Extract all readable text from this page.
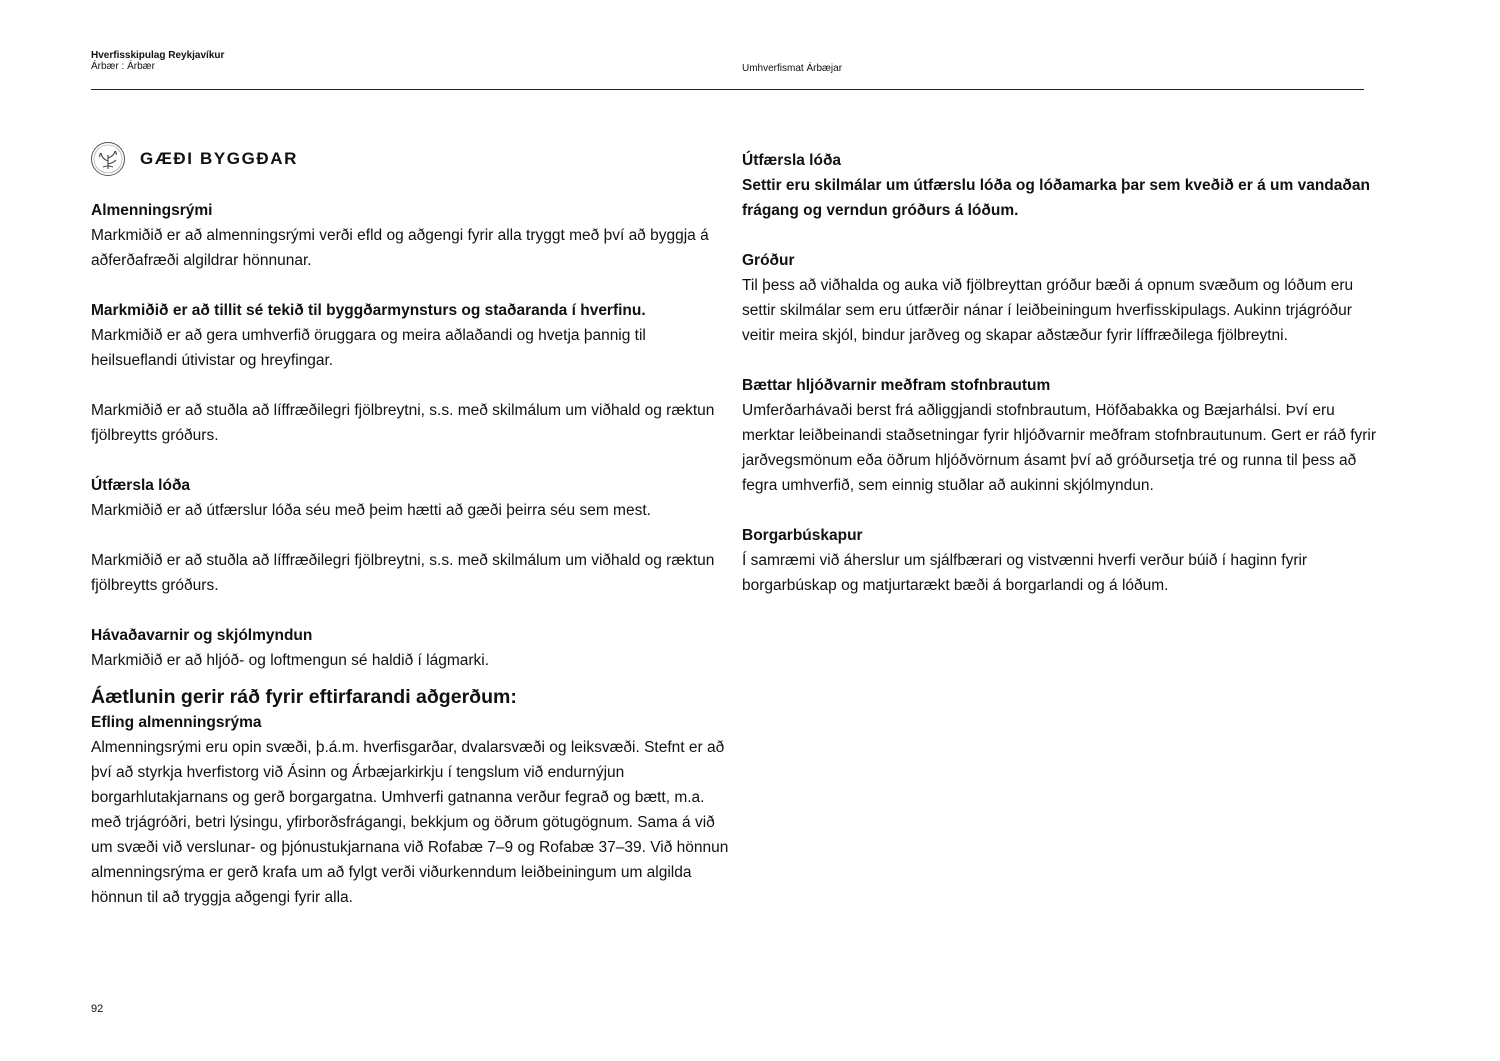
Hverfisskipulag Reykjavíkur
Árbær : Árbær	Umhverfismat Árbæjar
GÆÐI BYGGÐAR
Almenningsrými

Markmiðið er að almenningsrými verði efld og aðgengi fyrir alla tryggt með því að byggja á aðferðafræði algildrar hönnunar.

Markmiðið er að tillit sé tekið til byggðarmynsturs og staðaranda í hverfinu.

Markmiðið er að gera umhverfið öruggara og meira aðlaðandi og hvetja þannig til heilsueflandi útivistar og hreyfingar.

Markmiðið er að stuðla að líffræðilegri fjölbreytni, s.s. með skilmálum um viðhald og ræktun fjölbreytts gróðurs.

Útfærsla lóða

Markmiðið er að útfærslur lóða séu með þeim hætti að gæði þeirra séu sem mest.

Markmiðið er að stuðla að líffræðilegri fjölbreytni, s.s. með skilmálum um viðhald og ræktun fjölbreytts gróðurs.

Hávaðavarnir og skjólmyndun

Markmiðið er að hljóð- og loftmengun sé haldið í lágmarki.

Áætlunin gerir ráð fyrir eftirfarandi aðgerðum:
Efling almenningsrýma

Almenningsrými eru opin svæði, þ.á.m. hverfisgarðar, dvalarsvæði og leiksvæði. Stefnt er að því að styrkja hverfistorg við Ásinn og Árbæjarkirkju í tengslum við endurnýjun borgarhlutakjarnans og gerð borgargatna. Umhverfi gatnanna verður fegrað og bætt, m.a. með trjágróðri, betri lýsingu, yfirborðsfrágangi, bekkjum og öðrum götugögnum. Sama á við um svæði við verslunar- og þjónustukjarnana við Rofabæ 7–9 og Rofabæ 37–39. Við hönnun almenningsrýma er gerð krafa um að fylgt verði viðurkenndum leiðbeiningum um algilda hönnun til að tryggja aðgengi fyrir alla.

Útfærsla lóða

Settir eru skilmálar um útfærslu lóða og lóðamarka þar sem kveðið er á um vandaðan frágang og verndun gróðurs á lóðum.

Gróður

Til þess að viðhalda og auka við fjölbreyttan gróður bæði á opnum svæðum og lóðum eru settir skilmálar sem eru útfærðir nánar í leiðbeiningum hverfisskipulags. Aukinn trjágróður veitir meira skjól, bindur jarðveg og skapar aðstæður fyrir líffræðilega fjölbreytni.

Bættar hljóðvarnir meðfram stofnbrautum

Umferðarhávaði berst frá aðliggjandi stofnbrautum, Höfðabakka og Bæjarhálsi. Því eru merktar leiðbeinandi staðsetningar fyrir hljóðvarnir meðfram stofnbrautunum. Gert er ráð fyrir jarðvegsmönum eða öðrum hljóðvörnum ásamt því að gróðursetja tré og runna til þess að fegra umhverfið, sem einnig stuðlar að aukinni skjólmyndun.

Borgarbúskapur

Í samræmi við áherslur um sjálfbærari og vistvænni hverfi verður búið í haginn fyrir borgarbúskap og matjurtarækt bæði á borgarlandi og á lóðum.

92
